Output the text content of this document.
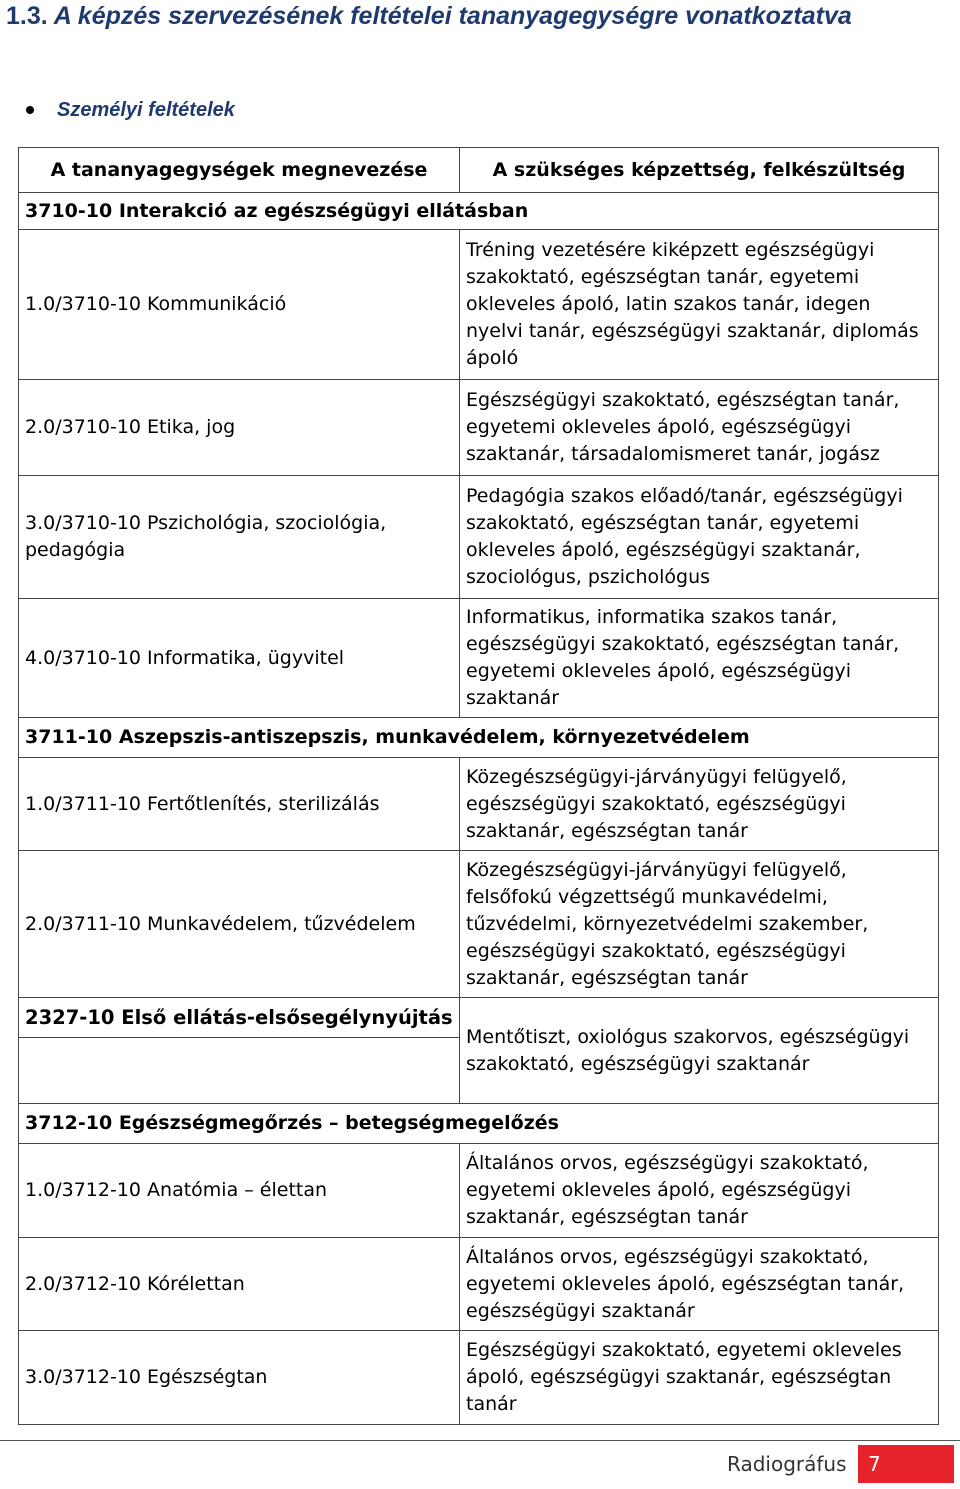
1.3. A képzés szervezésének feltételei tananyagegységre vonatkoztatva
Személyi feltételek
A tananyagegységek megnevezése	A szükséges képzettség, felkészültség
3710-10 Interakció az egészségügyi ellátásban	
1.0/3710-10 Kommunikáció	Tréning vezetésére kiképzett egészségügyi szakoktató, egészségtan tanár, egyetemi okleveles ápoló, latin szakos tanár, idegen nyelvi tanár, egészségügyi szaktanár, diplomás ápoló
2.0/3710-10 Etika, jog	Egészségügyi szakoktató, egészségtan tanár, egyetemi okleveles ápoló, egészségügyi szaktanár, társadalomismeret tanár, jogász
3.0/3710-10 Pszichológia, szociológia, pedagógia	Pedagógia szakos előadó/tanár, egészségügyi szakoktató, egészségtan tanár, egyetemi okleveles ápoló, egészségügyi szaktanár, szociológus, pszichológus
4.0/3710-10 Informatika, ügyvitel	Informatikus, informatika szakos tanár, egészségügyi szakoktató, egészségtan tanár, egyetemi okleveles ápoló, egészségügyi szaktanár
3711-10 Aszepszis-antiszepszis, munkavédelem, környezetvédelem	
1.0/3711-10 Fertőtlenítés, sterilizálás	Közegészségügyi-járványügyi felügyelő, egészségügyi szakoktató, egészségügyi szaktanár, egészségtan tanár
2.0/3711-10 Munkavédelem, tűzvédelem	Közegészségügyi-járványügyi felügyelő, felsőfokú végzettségű munkavédelmi, tűzvédelmi, környezetvédelmi szakember, egészségügyi szakoktató, egészségügyi szaktanár, egészségtan tanár
2327-10 Első ellátás-elsősegélynyújtás	Mentőtiszt, oxiológus szakorvos, egészségügyi szakoktató, egészségügyi szaktanár

3712-10 Egészségmegőrzés – betegségmegelőzés	
1.0/3712-10 Anatómia – élettan	Általános orvos, egészségügyi szakoktató, egyetemi okleveles ápoló, egészségügyi szaktanár, egészségtan tanár
2.0/3712-10 Kórélettan	Általános orvos, egészségügyi szakoktató, egyetemi okleveles ápoló, egészségtan tanár, egészségügyi szaktanár
3.0/3712-10 Egészségtan	Egészségügyi szakoktató, egyetemi okleveles ápoló, egészségügyi szaktanár, egészségtan tanár
Radiográfus	7
